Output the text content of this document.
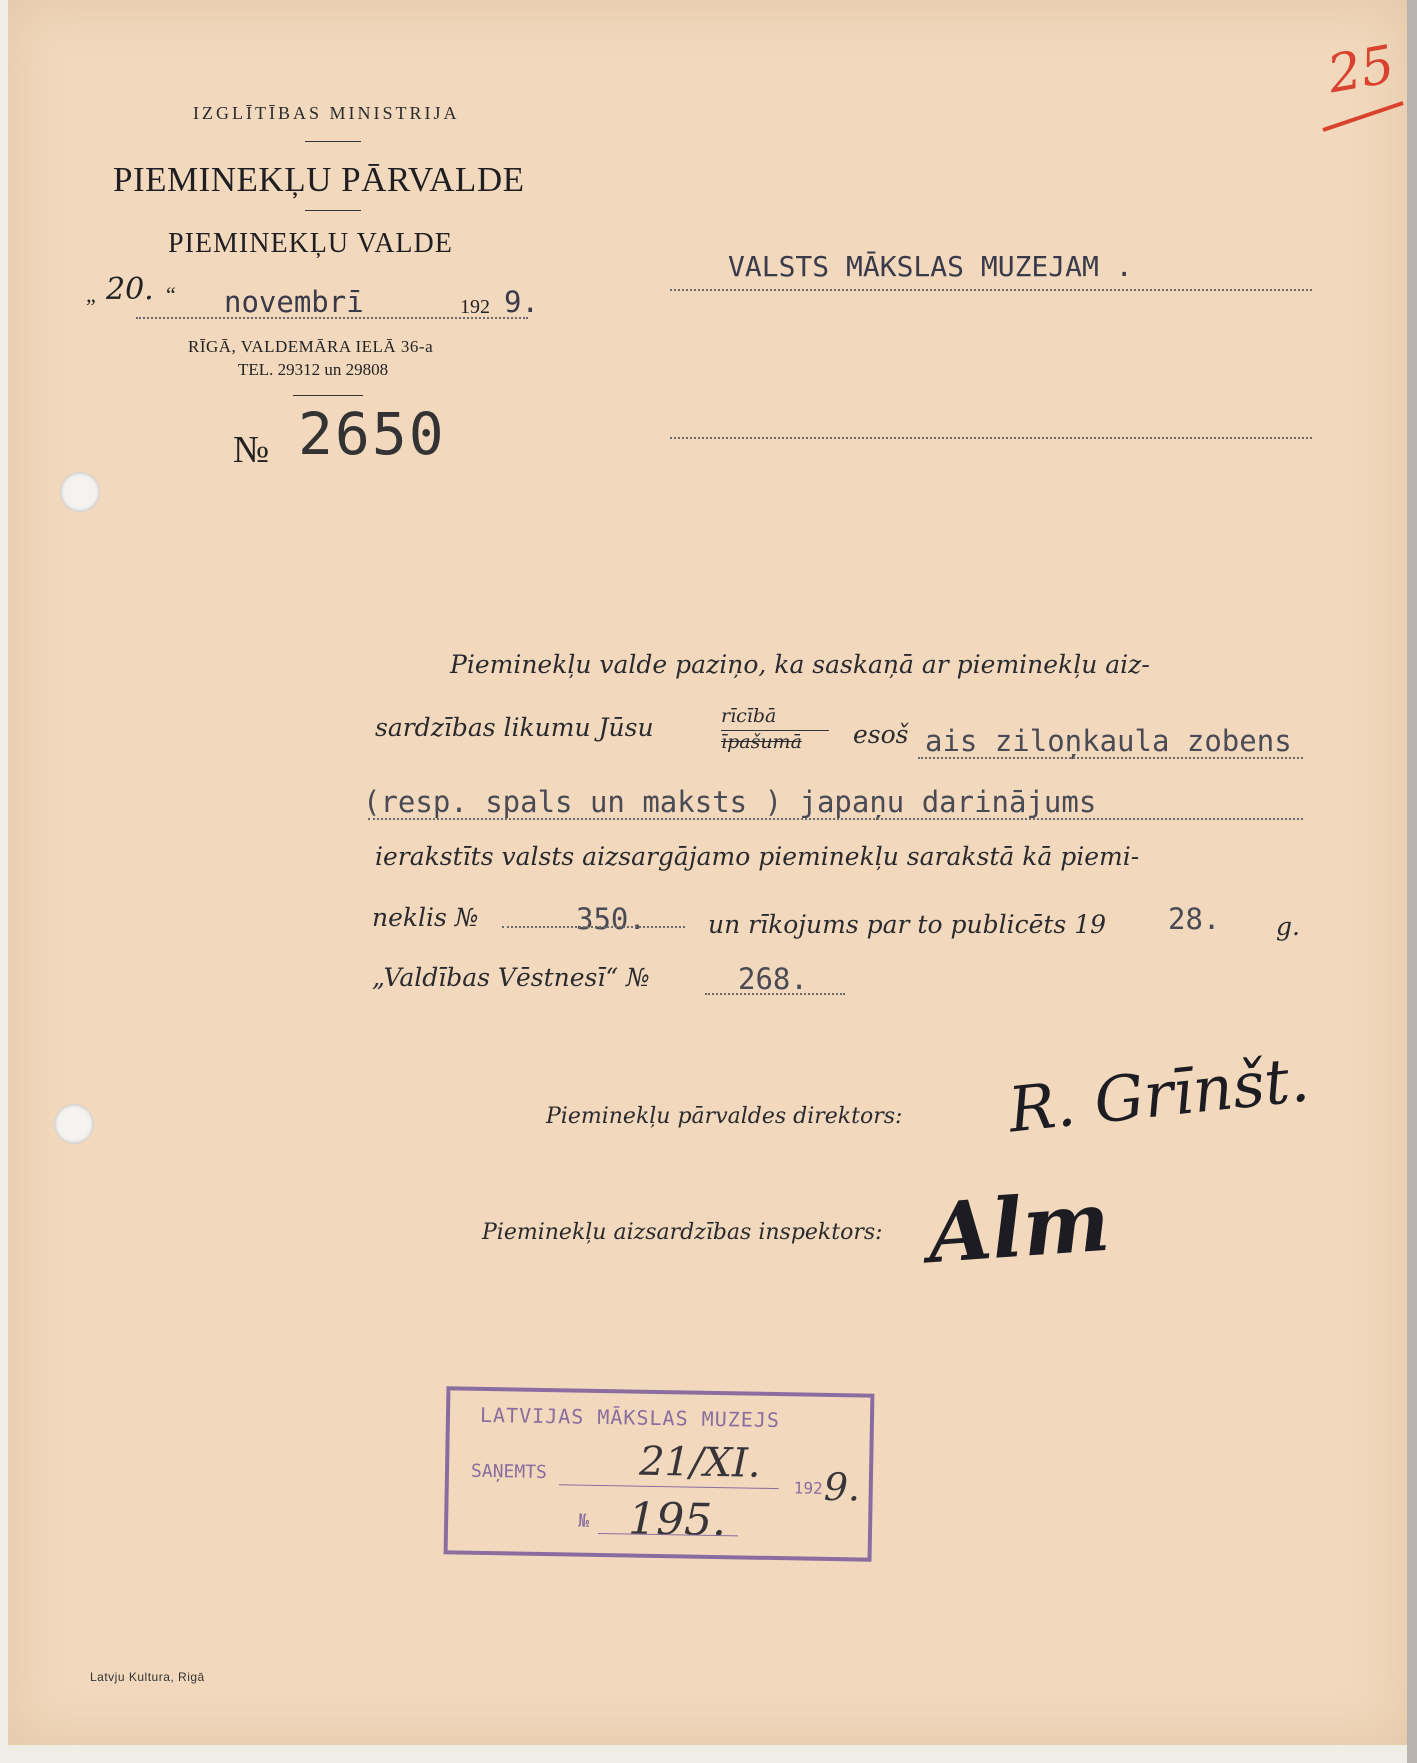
25
IZGLĪTĪBAS MINISTRIJA
PIEMINEKĻU PĀRVALDE
PIEMINEKĻU VALDE
„ 20. “ novembrī	192 9.
RĪGĀ, VALDEMĀRA IELĀ 36-a
TEL. 29312 un 29808
№ 2650
VALSTS MĀKSLAS MUZEJAM .
Pieminekļu valde paziņo, ka saskaņā ar pieminekļu aiz-
sardzības likumu Jūsu	rīcībā
īpašumā esoš ais ziloņkaula zobens
(resp. spals un maksts ) japaņu darinājums
ierakstīts valsts aizsargājamo pieminekļu sarakstā kā piemi-
neklis №	350. un rīkojums par to publicēts 19 28. g.
„Valdības Vēstnesī“ №	268.
Pieminekļu pārvaldes direktors: R. Grīnšt.
Pieminekļu aizsardzības inspektors: Alm
LATVIJAS MĀKSLAS MUZEJS
SAŅEMTS 21/XI.
192 9.
№ 195.
Latvju Kultura, Rigā
